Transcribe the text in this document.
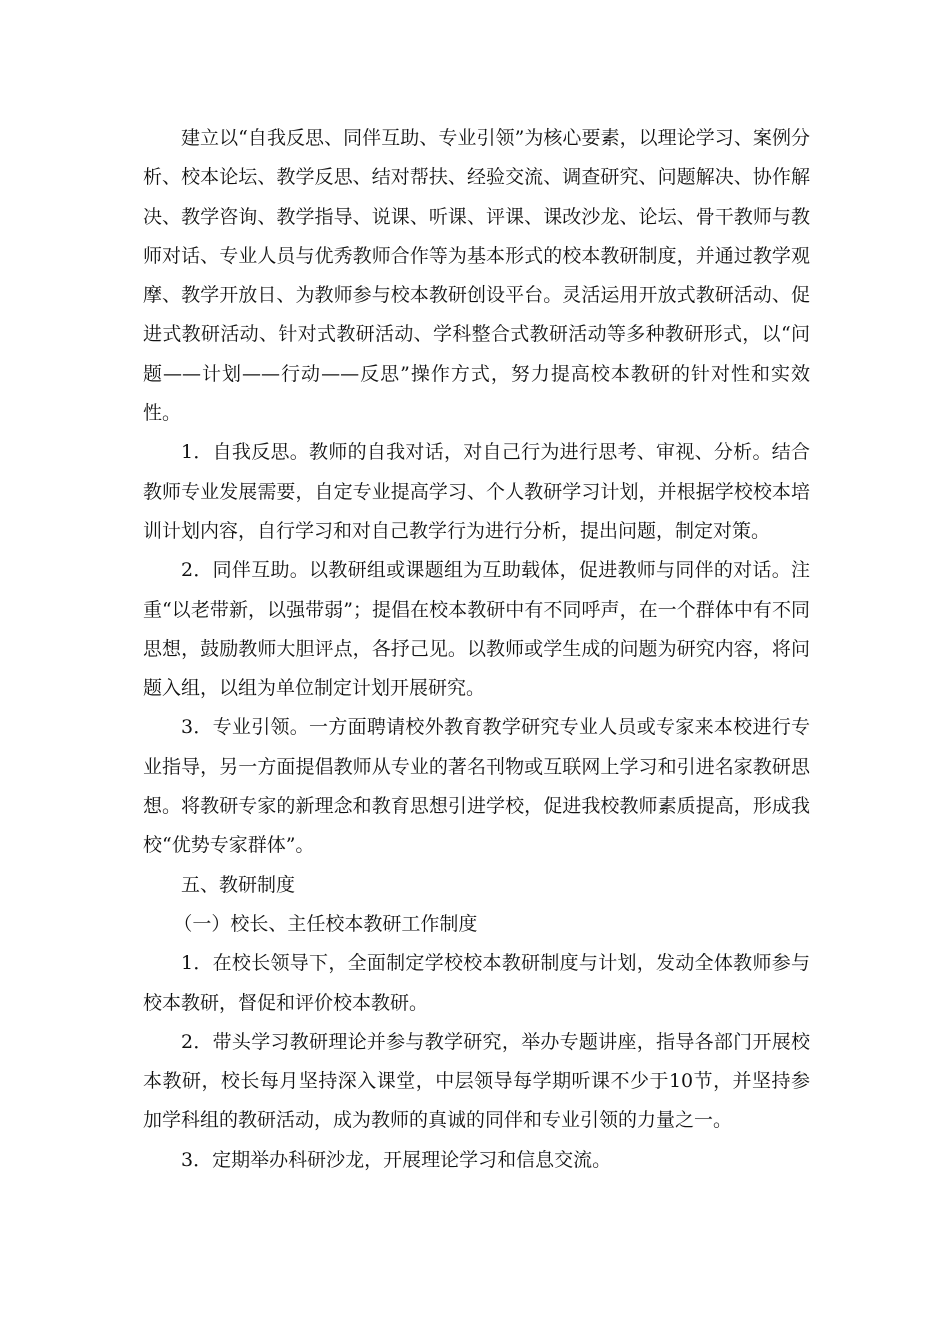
建立以“自我反思、同伴互助、专业引领”为核心要素，以理论学习、案例分析、校本论坛、教学反思、结对帮扶、经验交流、调查研究、问题解决、协作解决、教学咨询、教学指导、说课、听课、评课、课改沙龙、论坛、骨干教师与教师对话、专业人员与优秀教师合作等为基本形式的校本教研制度，并通过教学观摩、教学开放日、为教师参与校本教研创设平台。灵活运用开放式教研活动、促进式教研活动、针对式教研活动、学科整合式教研活动等多种教研形式，以“问题——计划——行动——反思”操作方式，努力提高校本教研的针对性和实效性。

1．自我反思。教师的自我对话，对自己行为进行思考、审视、分析。结合教师专业发展需要，自定专业提高学习、个人教研学习计划，并根据学校校本培训计划内容，自行学习和对自己教学行为进行分析，提出问题，制定对策。

2．同伴互助。以教研组或课题组为互助载体，促进教师与同伴的对话。注重“以老带新，以强带弱”；提倡在校本教研中有不同呼声，在一个群体中有不同思想，鼓励教师大胆评点，各抒己见。以教师或学生成的问题为研究内容，将问题入组，以组为单位制定计划开展研究。

3．专业引领。一方面聘请校外教育教学研究专业人员或专家来本校进行专业指导，另一方面提倡教师从专业的著名刊物或互联网上学习和引进名家教研思想。将教研专家的新理念和教育思想引进学校，促进我校教师素质提高，形成我校“优势专家群体”。

五、教研制度

（一）校长、主任校本教研工作制度

1．在校长领导下，全面制定学校校本教研制度与计划，发动全体教师参与校本教研，督促和评价校本教研。

2．带头学习教研理论并参与教学研究，举办专题讲座，指导各部门开展校本教研，校长每月坚持深入课堂，中层领导每学期听课不少于10节，并坚持参加学科组的教研活动，成为教师的真诚的同伴和专业引领的力量之一。

3．定期举办科研沙龙，开展理论学习和信息交流。
